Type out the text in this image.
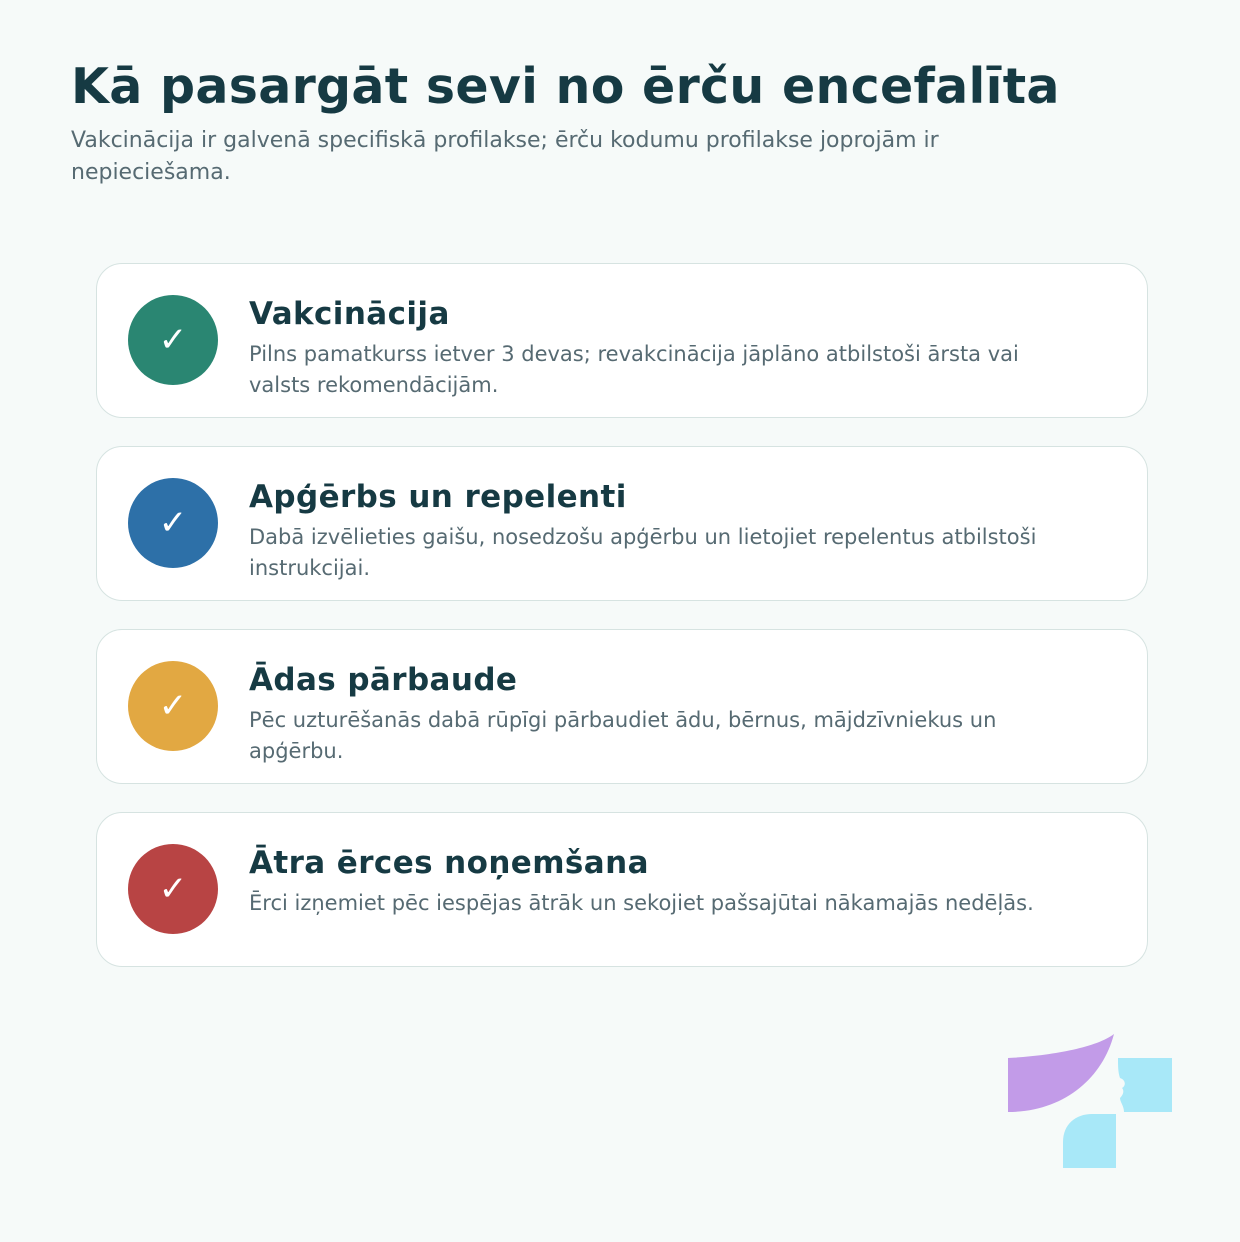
Kā pasargāt sevi no ērču encefalīta

Vakcinācija ir galvenā specifiskā profilakse; ērču kodumu profilakse joprojām ir nepieciešama.

✓
Vakcinācija

Pilns pamatkurss ietver 3 devas; revakcinācija jāplāno atbilstoši ārsta vai valsts rekomendācijām.

✓
Apģērbs un repelenti

Dabā izvēlieties gaišu, nosedzošu apģērbu un lietojiet repelentus atbilstoši instrukcijai.

✓
Ādas pārbaude

Pēc uzturēšanās dabā rūpīgi pārbaudiet ādu, bērnus, mājdzīvniekus un apģērbu.

✓
Ātra ērces noņemšana

Ērci izņemiet pēc iespējas ātrāk un sekojiet pašsajūtai nākamajās nedēļās.
